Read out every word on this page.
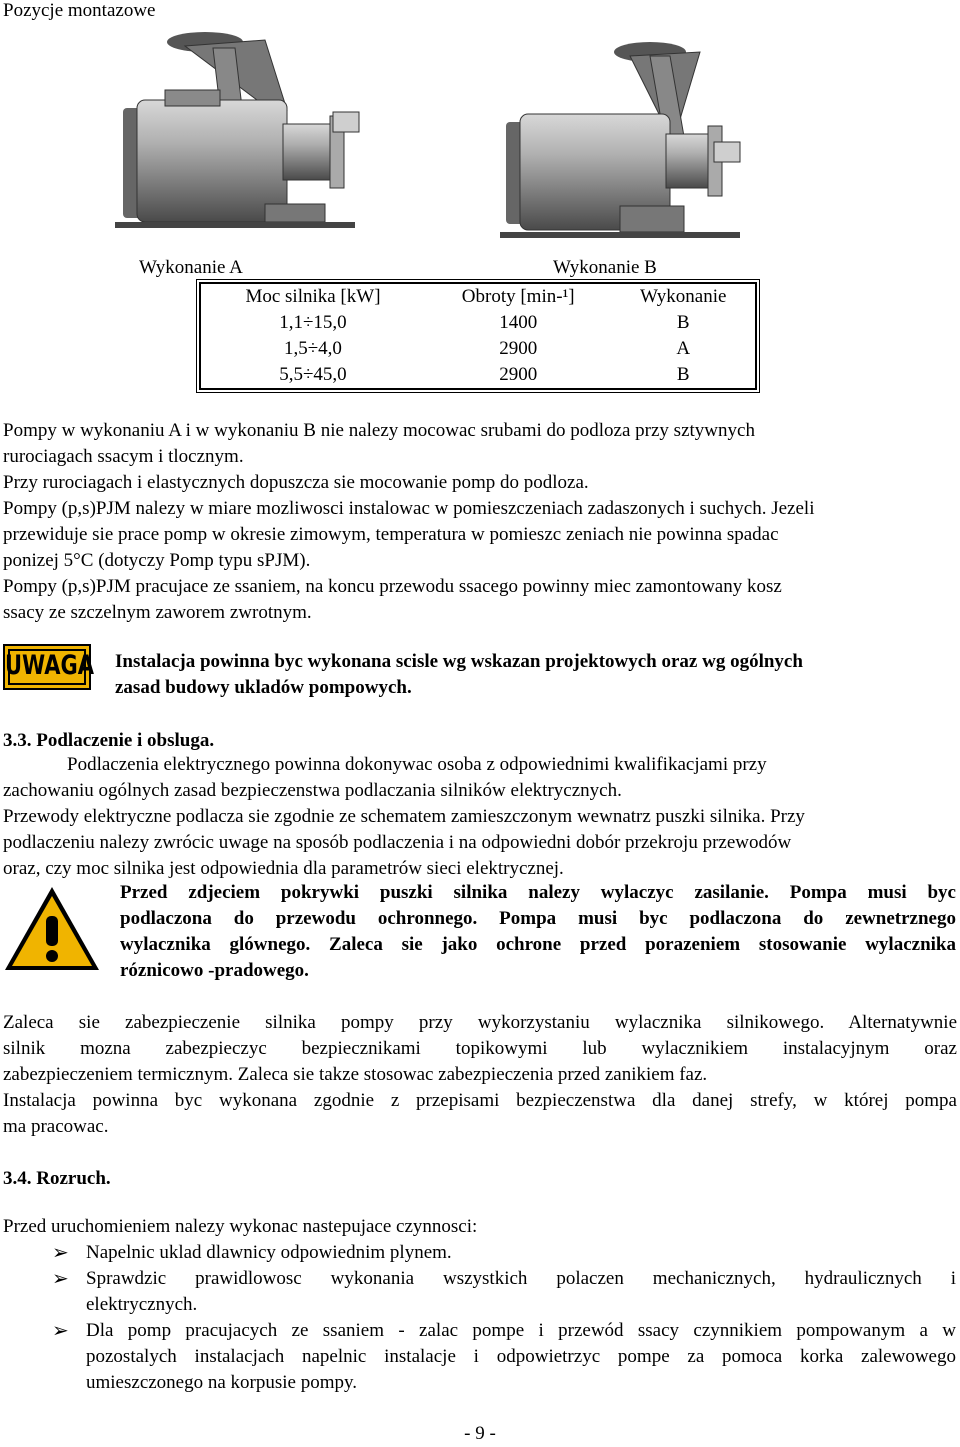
Pozycje montazowe
Wykonanie A	Wykonanie B
Moc silnika [kW]	Obroty [min-¹]	Wykonanie
1,1÷15,0	1400	B
1,5÷4,0	2900	A
5,5÷45,0	2900	B
Pompy w wykonaniu A i w wykonaniu B nie nalezy mocowac srubami do podloza przy sztywnych
rurociagach ssacym i tlocznym.
Przy rurociagach i elastycznych dopuszcza sie mocowanie pomp do podloza.
Pompy (p,s)PJM nalezy w miare mozliwosci instalowac w pomieszczeniach zadaszonych i suchych. Jezeli
przewiduje sie prace pomp w okresie zimowym, temperatura w pomieszc zeniach nie powinna spadac
ponizej 5°C (dotyczy Pomp typu sPJM).
Pompy (p,s)PJM pracujace ze ssaniem, na koncu przewodu ssacego powinny miec zamontowany kosz
ssacy ze szczelnym zaworem zwrotnym.
UWAGA Instalacja powinna byc wykonana scisle wg wskazan projektowych oraz wg ogólnych
zasad budowy ukladów pompowych.
3.3. Podlaczenie i obsluga.
Podlaczenia elektrycznego powinna dokonywac osoba z odpowiednimi kwalifikacjami przy
zachowaniu ogólnych zasad bezpieczenstwa podlaczania silników elektrycznych.
Przewody elektryczne podlacza sie zgodnie ze schematem zamieszczonym wewnatrz puszki silnika. Przy
podlaczeniu nalezy zwrócic uwage na sposób podlaczenia i na odpowiedni dobór przekroju przewodów
oraz, czy moc silnika jest odpowiednia dla parametrów sieci elektrycznej.
Przed zdjeciem pokrywki puszki silnika nalezy wylaczyc zasilanie. Pompa musi byc
podlaczona do przewodu ochronnego. Pompa musi byc podlaczona do zewnetrznego
wylacznika glównego. Zaleca sie jako ochrone przed porazeniem stosowanie wylacznika
róznicowo -pradowego.
Zaleca sie zabezpieczenie silnika pompy przy wykorzystaniu wylacznika silnikowego. Alternatywnie
silnik mozna zabezpieczyc bezpiecznikami topikowymi lub wylacznikiem instalacyjnym oraz
zabezpieczeniem termicznym. Zaleca sie takze stosowac zabezpieczenia przed zanikiem faz.
Instalacja powinna byc wykonana zgodnie z przepisami bezpieczenstwa dla danej strefy, w której pompa
ma pracowac.
3.4. Rozruch.
Przed uruchomieniem nalezy wykonac nastepujace czynnosci:
➢ Napelnic uklad dlawnicy odpowiednim plynem.
➢ Sprawdzic prawidlowosc wykonania wszystkich polaczen mechanicznych, hydraulicznych i
elektrycznych.
➢ Dla pomp pracujacych ze ssaniem - zalac pompe i przewód ssacy czynnikiem pompowanym a w
pozostalych instalacjach napelnic instalacje i odpowietrzyc pompe za pomoca korka zalewowego
umieszczonego na korpusie pompy.
- 9 -
